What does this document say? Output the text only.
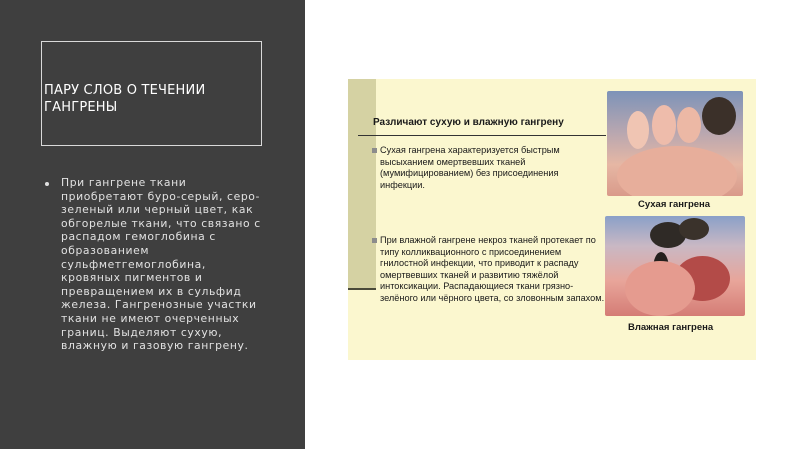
ПАРУ СЛОВ О ТЕЧЕНИИ ГАНГРЕНЫ
При гангрене ткани приобретают буро-серый, серо-зеленый или черный цвет, как обгорелые ткани, что связано с распадом гемоглобина с образованием сульфметгемоглобина, кровяных пигментов и превращением их в сульфид железа. Гангренозные участки ткани не имеют очерченных границ. Выделяют сухую, влажную и газовую гангрену.
Различают сухую и влажную гангрену
Сухая гангрена характеризуется быстрым высыханием омертвевших тканей (мумифицированием) без присоединения инфекции.
При влажной гангрене некроз тканей протекает по типу колликвационного с присоединением гнилостной инфекции, что приводит к распаду омертвевших тканей и развитию тяжёлой интоксикации. Распадающиеся ткани грязно-зелёного или чёрного цвета, со зловонным запахом.
Сухая гангрена
Влажная гангрена
